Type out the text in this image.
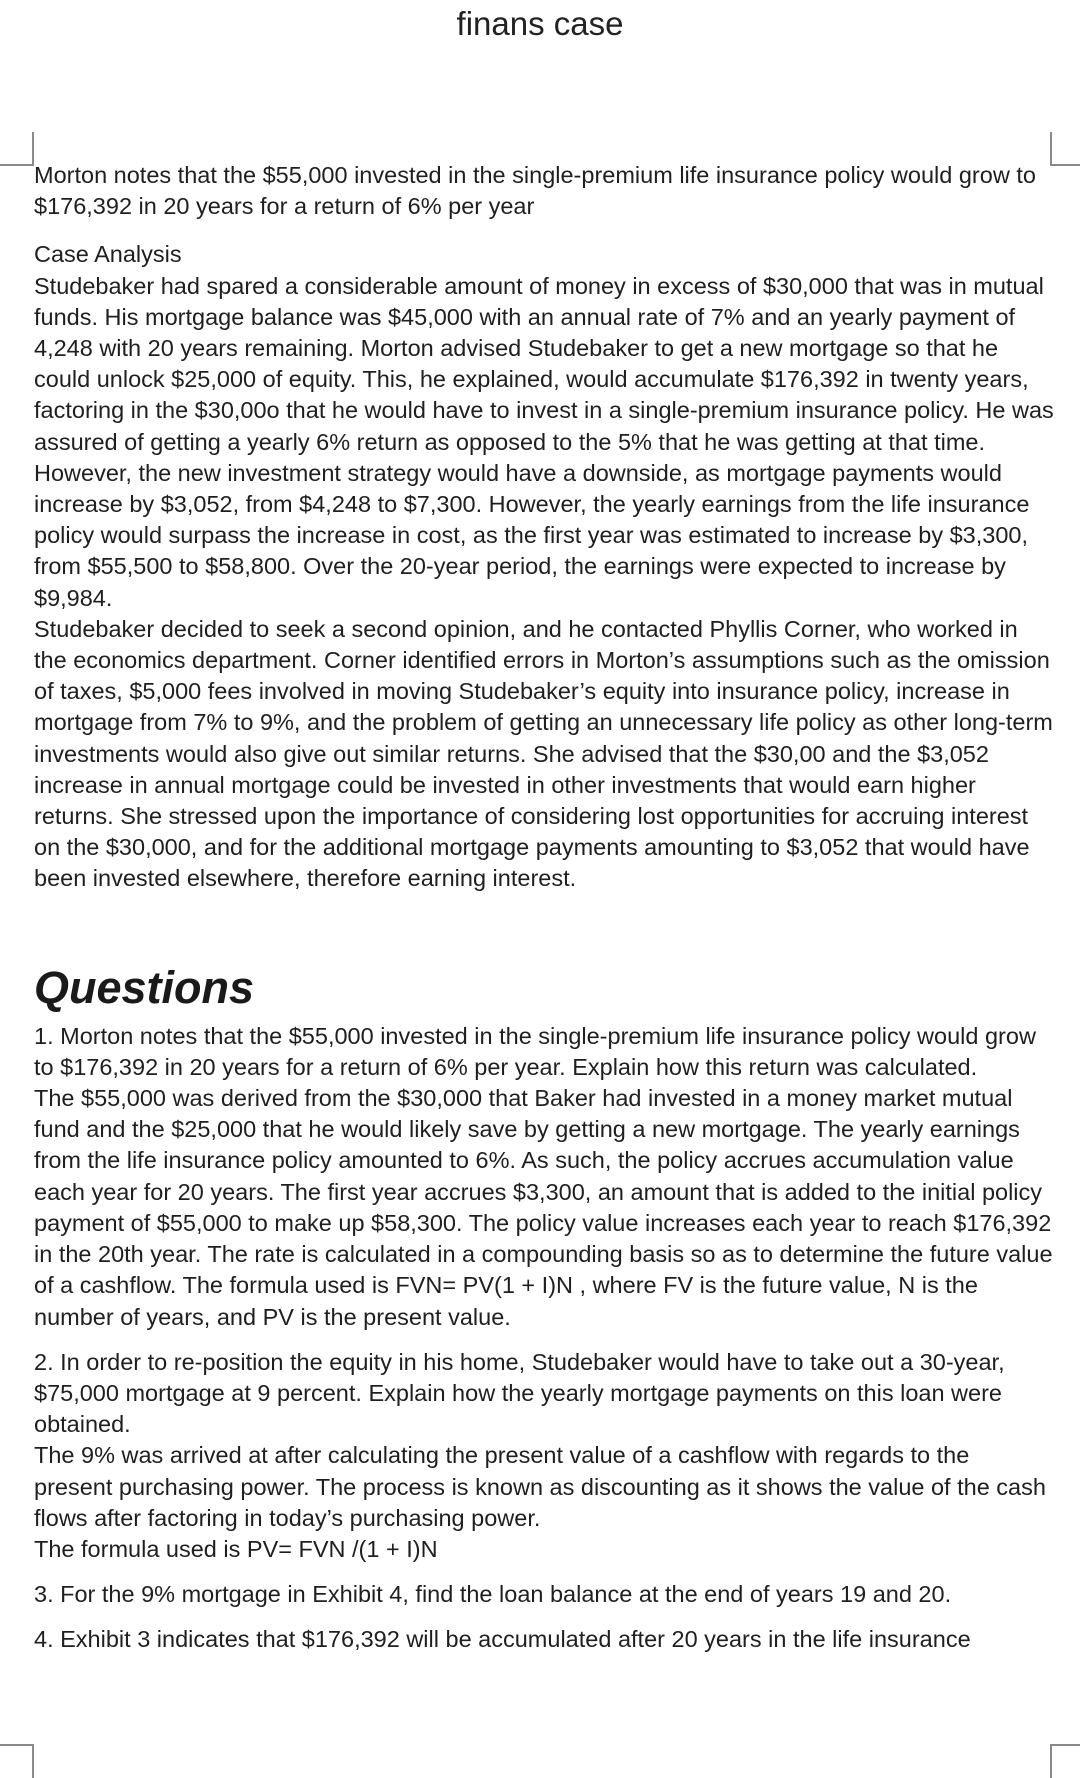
finans case

Morton notes that the $55,000 invested in the single-premium life insurance policy would grow to $176,392 in 20 years for a return of 6% per year

Case Analysis

Studebaker had spared a considerable amount of money in excess of $30,000 that was in mutual funds. His mortgage balance was $45,000 with an annual rate of 7% and an yearly payment of 4,248 with 20 years remaining. Morton advised Studebaker to get a new mortgage so that he could unlock $25,000 of equity. This, he explained, would accumulate $176,392 in twenty years, factoring in the $30,00o that he would have to invest in a single-premium insurance policy. He was assured of getting a yearly 6% return as opposed to the 5% that he was getting at that time. However, the new investment strategy would have a downside, as mortgage payments would increase by $3,052, from $4,248 to $7,300. However, the yearly earnings from the life insurance policy would surpass the increase in cost, as the first year was estimated to increase by $3,300, from $55,500 to $58,800. Over the 20-year period, the earnings were expected to increase by $9,984.

Studebaker decided to seek a second opinion, and he contacted Phyllis Corner, who worked in the economics department. Corner identified errors in Morton’s assumptions such as the omission of taxes, $5,000 fees involved in moving Studebaker’s equity into insurance policy, increase in mortgage from 7% to 9%, and the problem of getting an unnecessary life policy as other long-term investments would also give out similar returns. She advised that the $30,00 and the $3,052 increase in annual mortgage could be invested in other investments that would earn higher returns. She stressed upon the importance of considering lost opportunities for accruing interest on the $30,000, and for the additional mortgage payments amounting to $3,052 that would have been invested elsewhere, therefore earning interest.

Questions

1. Morton notes that the $55,000 invested in the single-premium life insurance policy would grow to $176,392 in 20 years for a return of 6% per year. Explain how this return was calculated.

The $55,000 was derived from the $30,000 that Baker had invested in a money market mutual fund and the $25,000 that he would likely save by getting a new mortgage. The yearly earnings from the life insurance policy amounted to 6%. As such, the policy accrues accumulation value each year for 20 years. The first year accrues $3,300, an amount that is added to the initial policy payment of $55,000 to make up $58,300. The policy value increases each year to reach $176,392 in the 20th year. The rate is calculated in a compounding basis so as to determine the future value of a cashflow. The formula used is FVN= PV(1 + I)N , where FV is the future value, N is the number of years, and PV is the present value.

2. In order to re-position the equity in his home, Studebaker would have to take out a 30-year, $75,000 mortgage at 9 percent. Explain how the yearly mortgage payments on this loan were obtained.

The 9% was arrived at after calculating the present value of a cashflow with regards to the present purchasing power. The process is known as discounting as it shows the value of the cash flows after factoring in today’s purchasing power.

The formula used is PV= FVN /(1 + I)N

3. For the 9% mortgage in Exhibit 4, find the loan balance at the end of years 19 and 20.

4. Exhibit 3 indicates that $176,392 will be accumulated after 20 years in the life insurance
